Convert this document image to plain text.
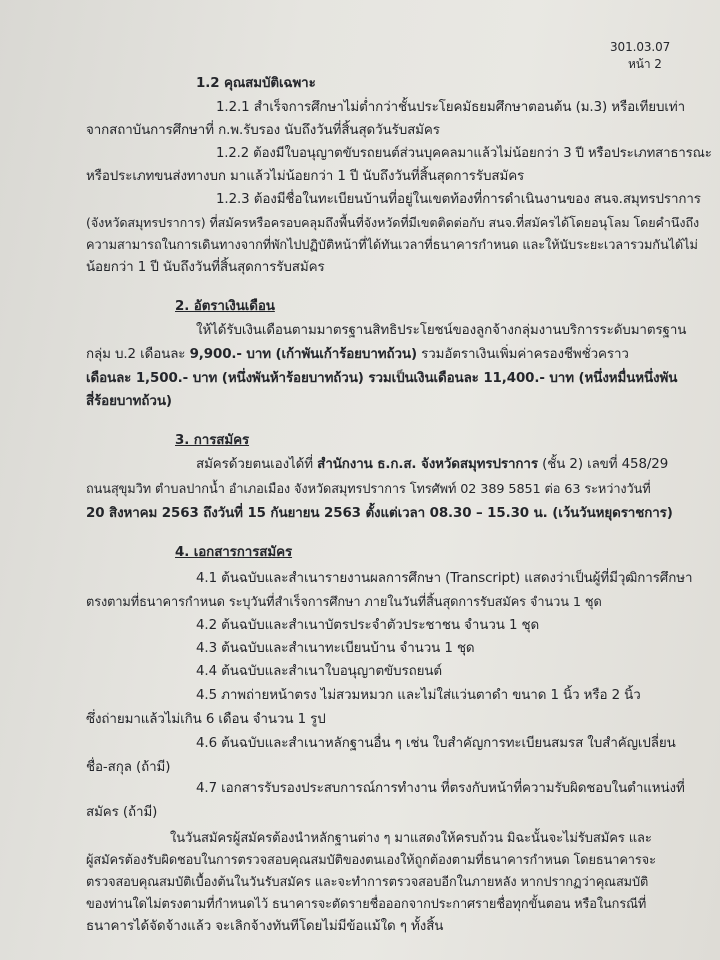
301.03.07
หน้า 2
1.2 คุณสมบัติเฉพาะ
1.2.1 สำเร็จการศึกษาไม่ต่ำกว่าชั้นประโยคมัธยมศึกษาตอนต้น (ม.3) หรือเทียบเท่า
จากสถาบันการศึกษาที่ ก.พ.รับรอง นับถึงวันที่สิ้นสุดวันรับสมัคร
1.2.2 ต้องมีใบอนุญาตขับรถยนต์ส่วนบุคคลมาแล้วไม่น้อยกว่า 3 ปี หรือประเภทสาธารณะ
หรือประเภทขนส่งทางบก มาแล้วไม่น้อยกว่า 1 ปี นับถึงวันที่สิ้นสุดการรับสมัคร
1.2.3 ต้องมีชื่อในทะเบียนบ้านที่อยู่ในเขตท้องที่การดำเนินงานของ สนจ.สมุทรปราการ
(จังหวัดสมุทรปราการ) ที่สมัครหรือครอบคลุมถึงพื้นที่จังหวัดที่มีเขตติดต่อกับ สนจ.ที่สมัครได้โดยอนุโลม โดยคำนึงถึง
ความสามารถในการเดินทางจากที่พักไปปฏิบัติหน้าที่ได้ทันเวลาที่ธนาคารกำหนด และให้นับระยะเวลารวมกันได้ไม่
น้อยกว่า 1 ปี นับถึงวันที่สิ้นสุดการรับสมัคร
2. อัตราเงินเดือน
ให้ได้รับเงินเดือนตามมาตรฐานสิทธิประโยชน์ของลูกจ้างกลุ่มงานบริการระดับมาตรฐาน
กลุ่ม บ.2 เดือนละ 9,900.- บาท (เก้าพันเก้าร้อยบาทถ้วน) รวมอัตราเงินเพิ่มค่าครองชีพชั่วคราว
เดือนละ 1,500.- บาท (หนึ่งพันห้าร้อยบาทถ้วน) รวมเป็นเงินเดือนละ 11,400.- บาท (หนึ่งหมื่นหนึ่งพัน
สี่ร้อยบาทถ้วน)
3. การสมัคร
สมัครด้วยตนเองได้ที่ สำนักงาน ธ.ก.ส. จังหวัดสมุทรปราการ (ชั้น 2) เลขที่ 458/29
ถนนสุขุมวิท ตำบลปากน้ำ อำเภอเมือง จังหวัดสมุทรปราการ โทรศัพท์ 02 389 5851 ต่อ 63 ระหว่างวันที่
20 สิงหาคม 2563 ถึงวันที่ 15 กันยายน 2563 ตั้งแต่เวลา 08.30 – 15.30 น. (เว้นวันหยุดราชการ)
4. เอกสารการสมัคร
4.1 ต้นฉบับและสำเนารายงานผลการศึกษา (Transcript) แสดงว่าเป็นผู้ที่มีวุฒิการศึกษา
ตรงตามที่ธนาคารกำหนด ระบุวันที่สำเร็จการศึกษา ภายในวันที่สิ้นสุดการรับสมัคร จำนวน 1 ชุด
4.2 ต้นฉบับและสำเนาบัตรประจำตัวประชาชน จำนวน 1 ชุด
4.3 ต้นฉบับและสำเนาทะเบียนบ้าน จำนวน 1 ชุด
4.4 ต้นฉบับและสำเนาใบอนุญาตขับรถยนต์
4.5 ภาพถ่ายหน้าตรง ไม่สวมหมวก และไม่ใส่แว่นตาดำ ขนาด 1 นิ้ว หรือ 2 นิ้ว
ซึ่งถ่ายมาแล้วไม่เกิน 6 เดือน จำนวน 1 รูป
4.6 ต้นฉบับและสำเนาหลักฐานอื่น ๆ เช่น ใบสำคัญการทะเบียนสมรส ใบสำคัญเปลี่ยน
ชื่อ-สกุล (ถ้ามี)
4.7 เอกสารรับรองประสบการณ์การทำงาน ที่ตรงกับหน้าที่ความรับผิดชอบในตำแหน่งที่
สมัคร (ถ้ามี)
ในวันสมัครผู้สมัครต้องนำหลักฐานต่าง ๆ มาแสดงให้ครบถ้วน มิฉะนั้นจะไม่รับสมัคร และ
ผู้สมัครต้องรับผิดชอบในการตรวจสอบคุณสมบัติของตนเองให้ถูกต้องตามที่ธนาคารกำหนด โดยธนาคารจะ
ตรวจสอบคุณสมบัติเบื้องต้นในวันรับสมัคร และจะทำการตรวจสอบอีกในภายหลัง หากปรากฏว่าคุณสมบัติ
ของท่านใดไม่ตรงตามที่กำหนดไว้ ธนาคารจะตัดรายชื่อออกจากประกาศรายชื่อทุกขั้นตอน หรือในกรณีที่
ธนาคารได้จัดจ้างแล้ว จะเลิกจ้างทันทีโดยไม่มีข้อแม้ใด ๆ ทั้งสิ้น
